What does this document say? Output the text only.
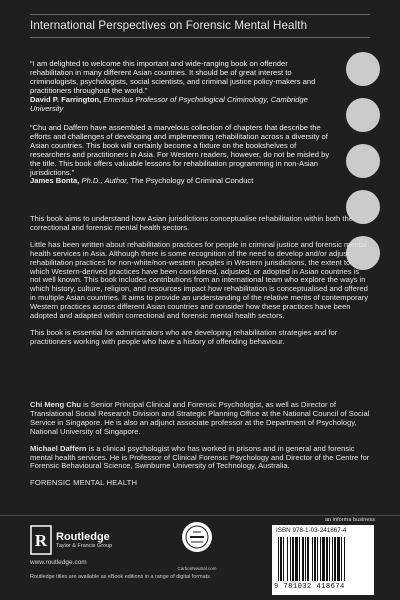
International Perspectives on Forensic Mental Health
“I am delighted to welcome this important and wide-ranging book on offender rehabilitation in many different Asian countries. It should be of great interest to criminologists, psychologists, social scientists, and criminal justice policy-makers and practitioners throughout the world.”
David P. Farrington, Emeritus Professor of Psychological Criminology, Cambridge University
“Chu and Daffern have assembled a marvelous collection of chapters that describe the efforts and challenges of developing and implementing rehabilitation across a diversity of Asian countries. This book will certainly become a fixture on the bookshelves of researchers and practitioners in Asia. For Western readers, however, do not be misled by the title. This book offers valuable lessons for rehabilitation programming in non-Asian jurisdictions.”
James Bonta, Ph.D., Author, The Psychology of Criminal Conduct

This book aims to understand how Asian jurisdictions conceptualise rehabilitation within both the correctional and forensic mental health sectors.

Little has been written about rehabilitation practices for people in criminal justice and forensic mental health services in Asia. Although there is some recognition of the need to develop and/or adjust rehabilitation practices for non-white/non-western peoples in Western jurisdictions, the extent to which Western-derived practices have been considered, adjusted, or adopted in Asian countries is not well known. This book includes contributions from an international team who explore the ways in which history, culture, religion, and resources impact how rehabilitation is conceptualised and offered in multiple Asian countries. It aims to provide an understanding of the relative merits of contemporary Western practices across different Asian countries and consider how these practices have been adopted and adapted within correctional and forensic mental health sectors.

This book is essential for administrators who are developing rehabilitation strategies and for practitioners working with people who have a history of offending behaviour.

Chi Meng Chu is Senior Principal Clinical and Forensic Psychologist, as well as Director of Translational Social Research Division and Strategic Planning Office at the National Council of Social Service in Singapore. He is also an adjunct associate professor at the Department of Psychology, National University of Singapore.

Michael Daffern is a clinical psychologist who has worked in prisons and in general and forensic mental health services. He is Professor of Clinical Forensic Psychology and Director of the Centre for Forensic Behavioural Science, Swinburne University of Technology, Australia.

FORENSIC MENTAL HEALTH
R Routledge
Taylor & Francis Group
www.routledge.com
Routledge titles are available as eBook editions in a range of digital formats
CarbonNeutral.com
an informa business
ISBN 978-1-03-241867-4
9 781032 418674
